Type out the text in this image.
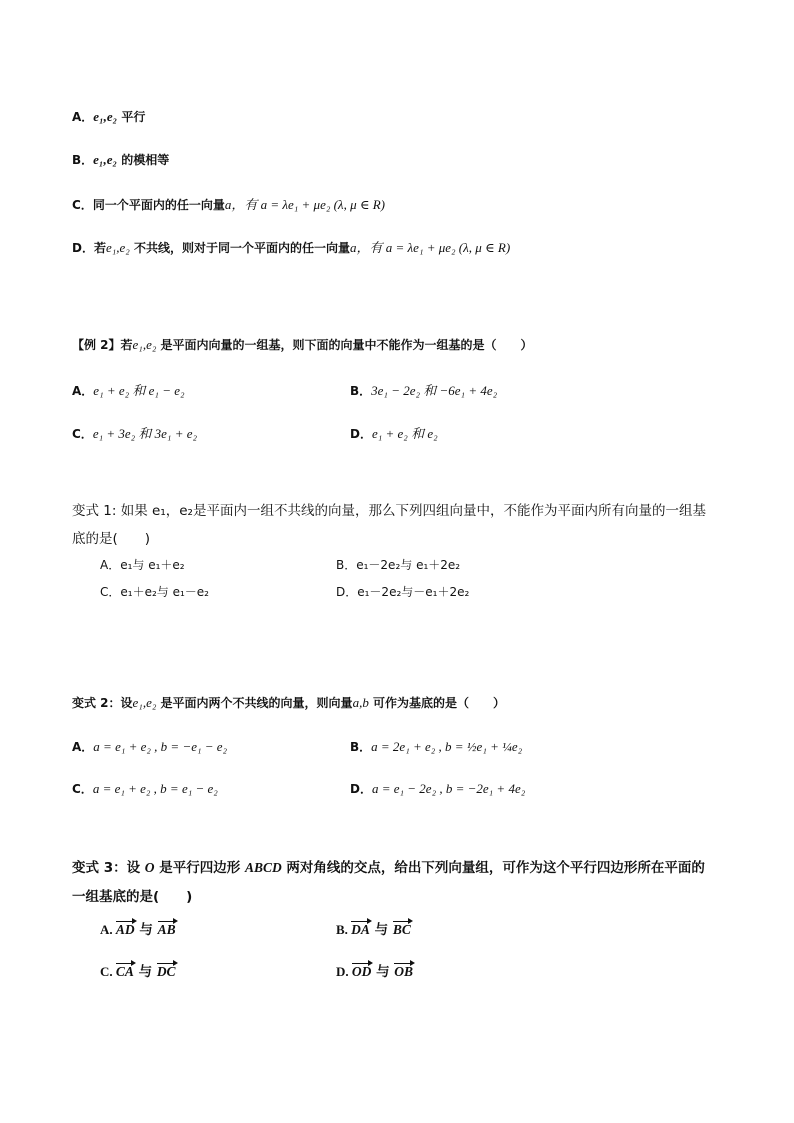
A．e₁,e₂ 平行
B．e₁,e₂ 的模相等
C．同一个平面内的任一向量a，有 a = λe₁ + μe₂ (λ, μ ∈ R)
D．若e₁,e₂ 不共线，则对于同一个平面内的任一向量a，有 a = λe₁ + μe₂ (λ, μ ∈ R)
【例 2】若e₁,e₂ 是平面内向量的一组基，则下面的向量中不能作为一组基的是（　　）
A．e₁ + e₂ 和 e₁ − e₂	B．3e₁ − 2e₂ 和 −6e₁ + 4e₂
C．e₁ + 3e₂ 和 3e₁ + e₂	D．e₁ + e₂ 和 e₂
变式 1: 如果 e₁，e₂是平面内一组不共线的向量，那么下列四组向量中，不能作为平面内所有向量的一组基
底的是(　　)
A．e₁与 e₁＋e₂	B．e₁－2e₂与 e₁＋2e₂
C．e₁＋e₂与 e₁－e₂	D．e₁－2e₂与－e₁＋2e₂
变式 2：设e₁,e₂ 是平面内两个不共线的向量，则向量a,b 可作为基底的是（　　）
A．a = e₁ + e₂ , b = −e₁ − e₂	B．a = 2e₁ + e₂ , b = ½e₁ + ¼e₂
C．a = e₁ + e₂ , b = e₁ − e₂	D．a = e₁ − 2e₂ , b = −2e₁ + 4e₂
变式 3：设 O 是平行四边形 ABCD 两对角线的交点，给出下列向量组，可作为这个平行四边形所在平面的
一组基底的是(　　)
A. AD 与 AB	B. DA 与 BC
C. CA 与 DC	D. OD 与 OB
